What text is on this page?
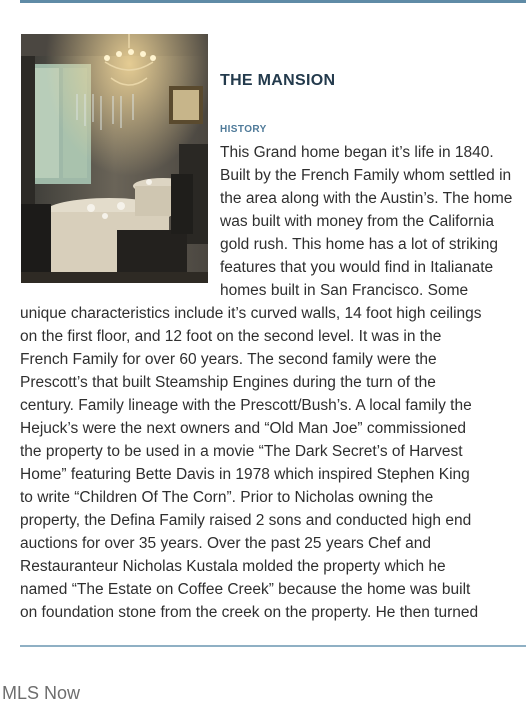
THE MANSION
HISTORY
This Grand home began it’s life in 1840.
Built by the French Family whom settled in
the area along with the Austin’s. The home
was built with money from the California
gold rush. This home has a lot of striking
features that you would find in Italianate
homes built in San Francisco. Some
unique characteristics include it’s curved walls, 14 foot high ceilings
on the first floor, and 12 foot on the second level. It was in the
French Family for over 60 years. The second family were the
Prescott’s that built Steamship Engines during the turn of the
century. Family lineage with the Prescott/Bush’s. A local family the
Hejuck’s were the next owners and “Old Man Joe” commissioned
the property to be used in a movie “The Dark Secret’s of Harvest
Home” featuring Bette Davis in 1978 which inspired Stephen King
to write “Children Of The Corn”. Prior to Nicholas owning the
property, the Defina Family raised 2 sons and conducted high end
auctions for over 35 years. Over the past 25 years Chef and
Restauranteur Nicholas Kustala molded the property which he
named “The Estate on Coffee Creek” because the home was built
on foundation stone from the creek on the property. He then turned
MLS Now
